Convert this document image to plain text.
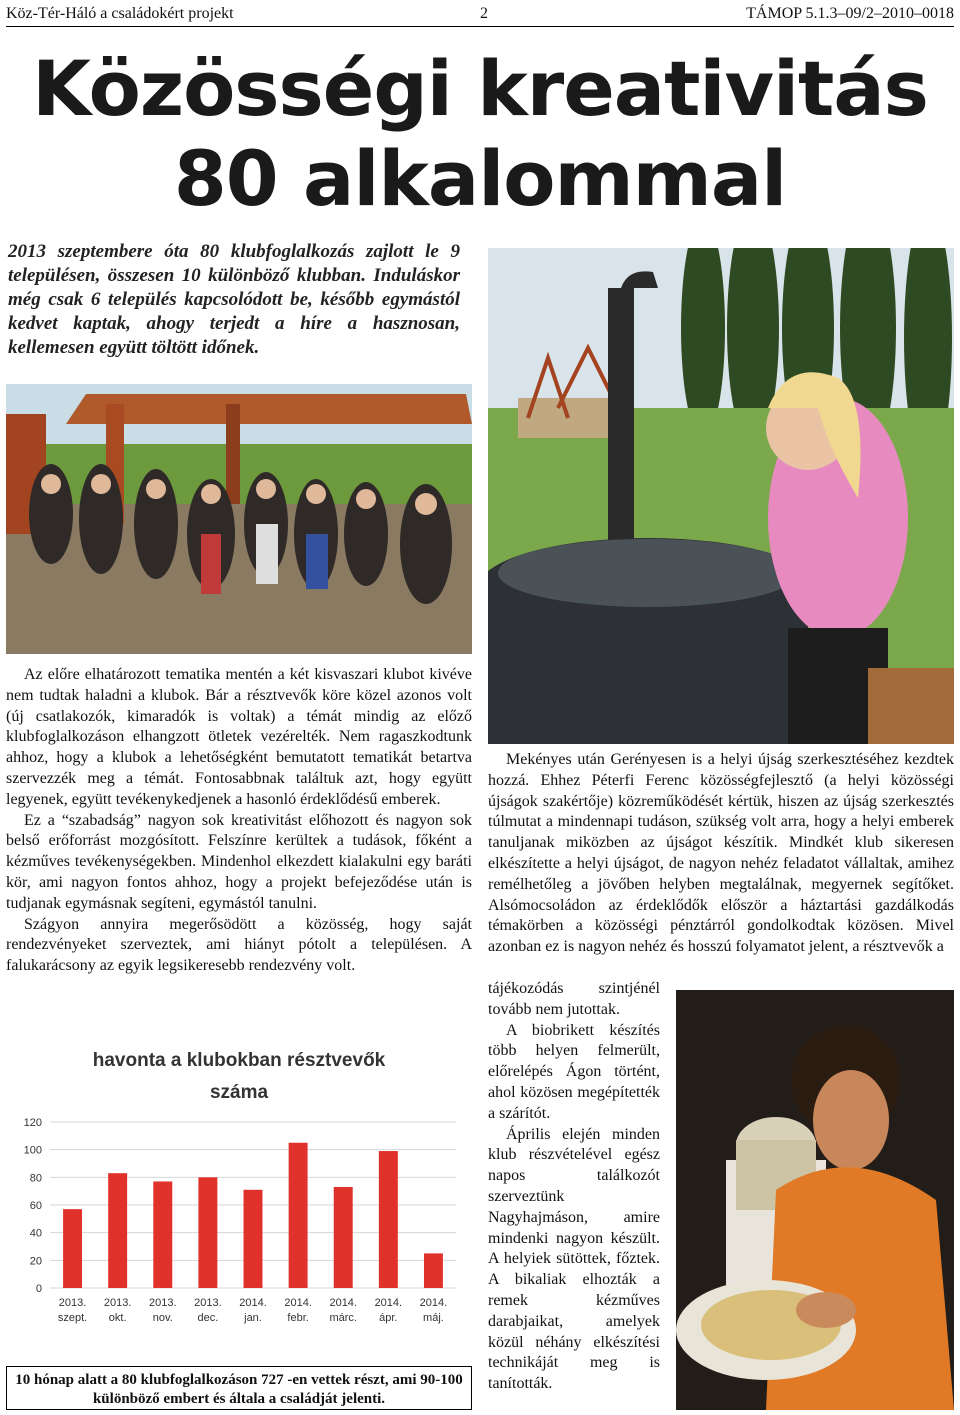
Köz-Tér-Háló a családokért projekt	2	TÁMOP 5.1.3–09/2–2010–0018
Közösségi kreativitás
80 alkalommal
2013 szeptembere óta 80 klubfoglalkozás zajlott le 9 településen, összesen 10 különböző klubban. Induláskor még csak 6 település kapcsolódott be, később egymástól kedvet kaptak, ahogy terjedt a híre a hasznosan, kellemesen együtt töltött időnek.

Az előre elhatározott tematika mentén a két kisvaszari klubot kivéve nem tudtak haladni a klubok. Bár a résztvevők köre közel azonos volt (új csatlakozók, kimaradók is voltak) a témát mindig az előző klubfoglalkozáson elhangzott ötletek vezérelték. Nem ragaszkodtunk ahhoz, hogy a klubok a lehetőségként bemutatott tematikát betartva szervezzék meg a témát. Fontosabbnak találtuk azt, hogy együtt legyenek, együtt tevékenykedjenek a hasonló érdeklődésű emberek.

Ez a “szabadság” nagyon sok kreativitást előhozott és nagyon sok belső erőforrást mozgósított. Felszínre kerültek a tudások, főként a kézműves tevékenységekben. Mindenhol elkezdett kialakulni egy baráti kör, ami nagyon fontos ahhoz, hogy a projekt befejeződése után is tudjanak egymásnak segíteni, egymástól tanulni.

Szágyon annyira megerősödött a közösség, hogy saját rendezvényeket szerveztek, ami hiányt pótolt a településen. A falukarácsony az egyik legsikeresebb rendezvény volt.

havonta a klubokban résztvevők száma
0
20
40
60
80
100
120
2013. szept.
2013. okt.
2013. nov.
2013. dec.
2014. jan.
2014. febr.
2014. márc.
2014. ápr.
2014. máj.
10 hónap alatt a 80 klubfoglalkozáson 727 -en vettek részt, ami 90-100 különböző embert és általa a családját jelenti.

Mekényes után Gerényesen is a helyi újság szerkesztéséhez kezdtek hozzá. Ehhez Péterfi Ferenc közösségfejlesztő (a helyi közösségi újságok szakértője) közreműködését kértük, hiszen az újság szerkesztés túlmutat a mindennapi tudáson, szükség volt arra, hogy a helyi emberek tanuljanak miközben az újságot készítik. Mindkét klub sikeresen elkészítette a helyi újságot, de nagyon nehéz feladatot vállaltak, amihez remélhetőleg a jövőben helyben megtalálnak, megyernek segítőket. Alsómocsoládon az érdeklődők először a háztartási gazdálkodás témakörben a közösségi pénztárról gondolkodtak közösen. Mivel azonban ez is nagyon nehéz és hosszú folyamatot jelent, a résztvevők a

tájékozódás szintjénél tovább nem jutottak.

A biobrikett készítés több helyen felmerült, előrelépés Ágon történt, ahol közösen megépítették a szárítót.

Április elején minden klub részvételével egész napos találkozót szerveztünk Nagyhajmáson, amire mindenki nagyon készült. A helyiek sütöttek, főztek. A bikaliak elhozták a remek kézműves darabjaikat, amelyek közül néhány elkészítési technikáját meg is tanították.
